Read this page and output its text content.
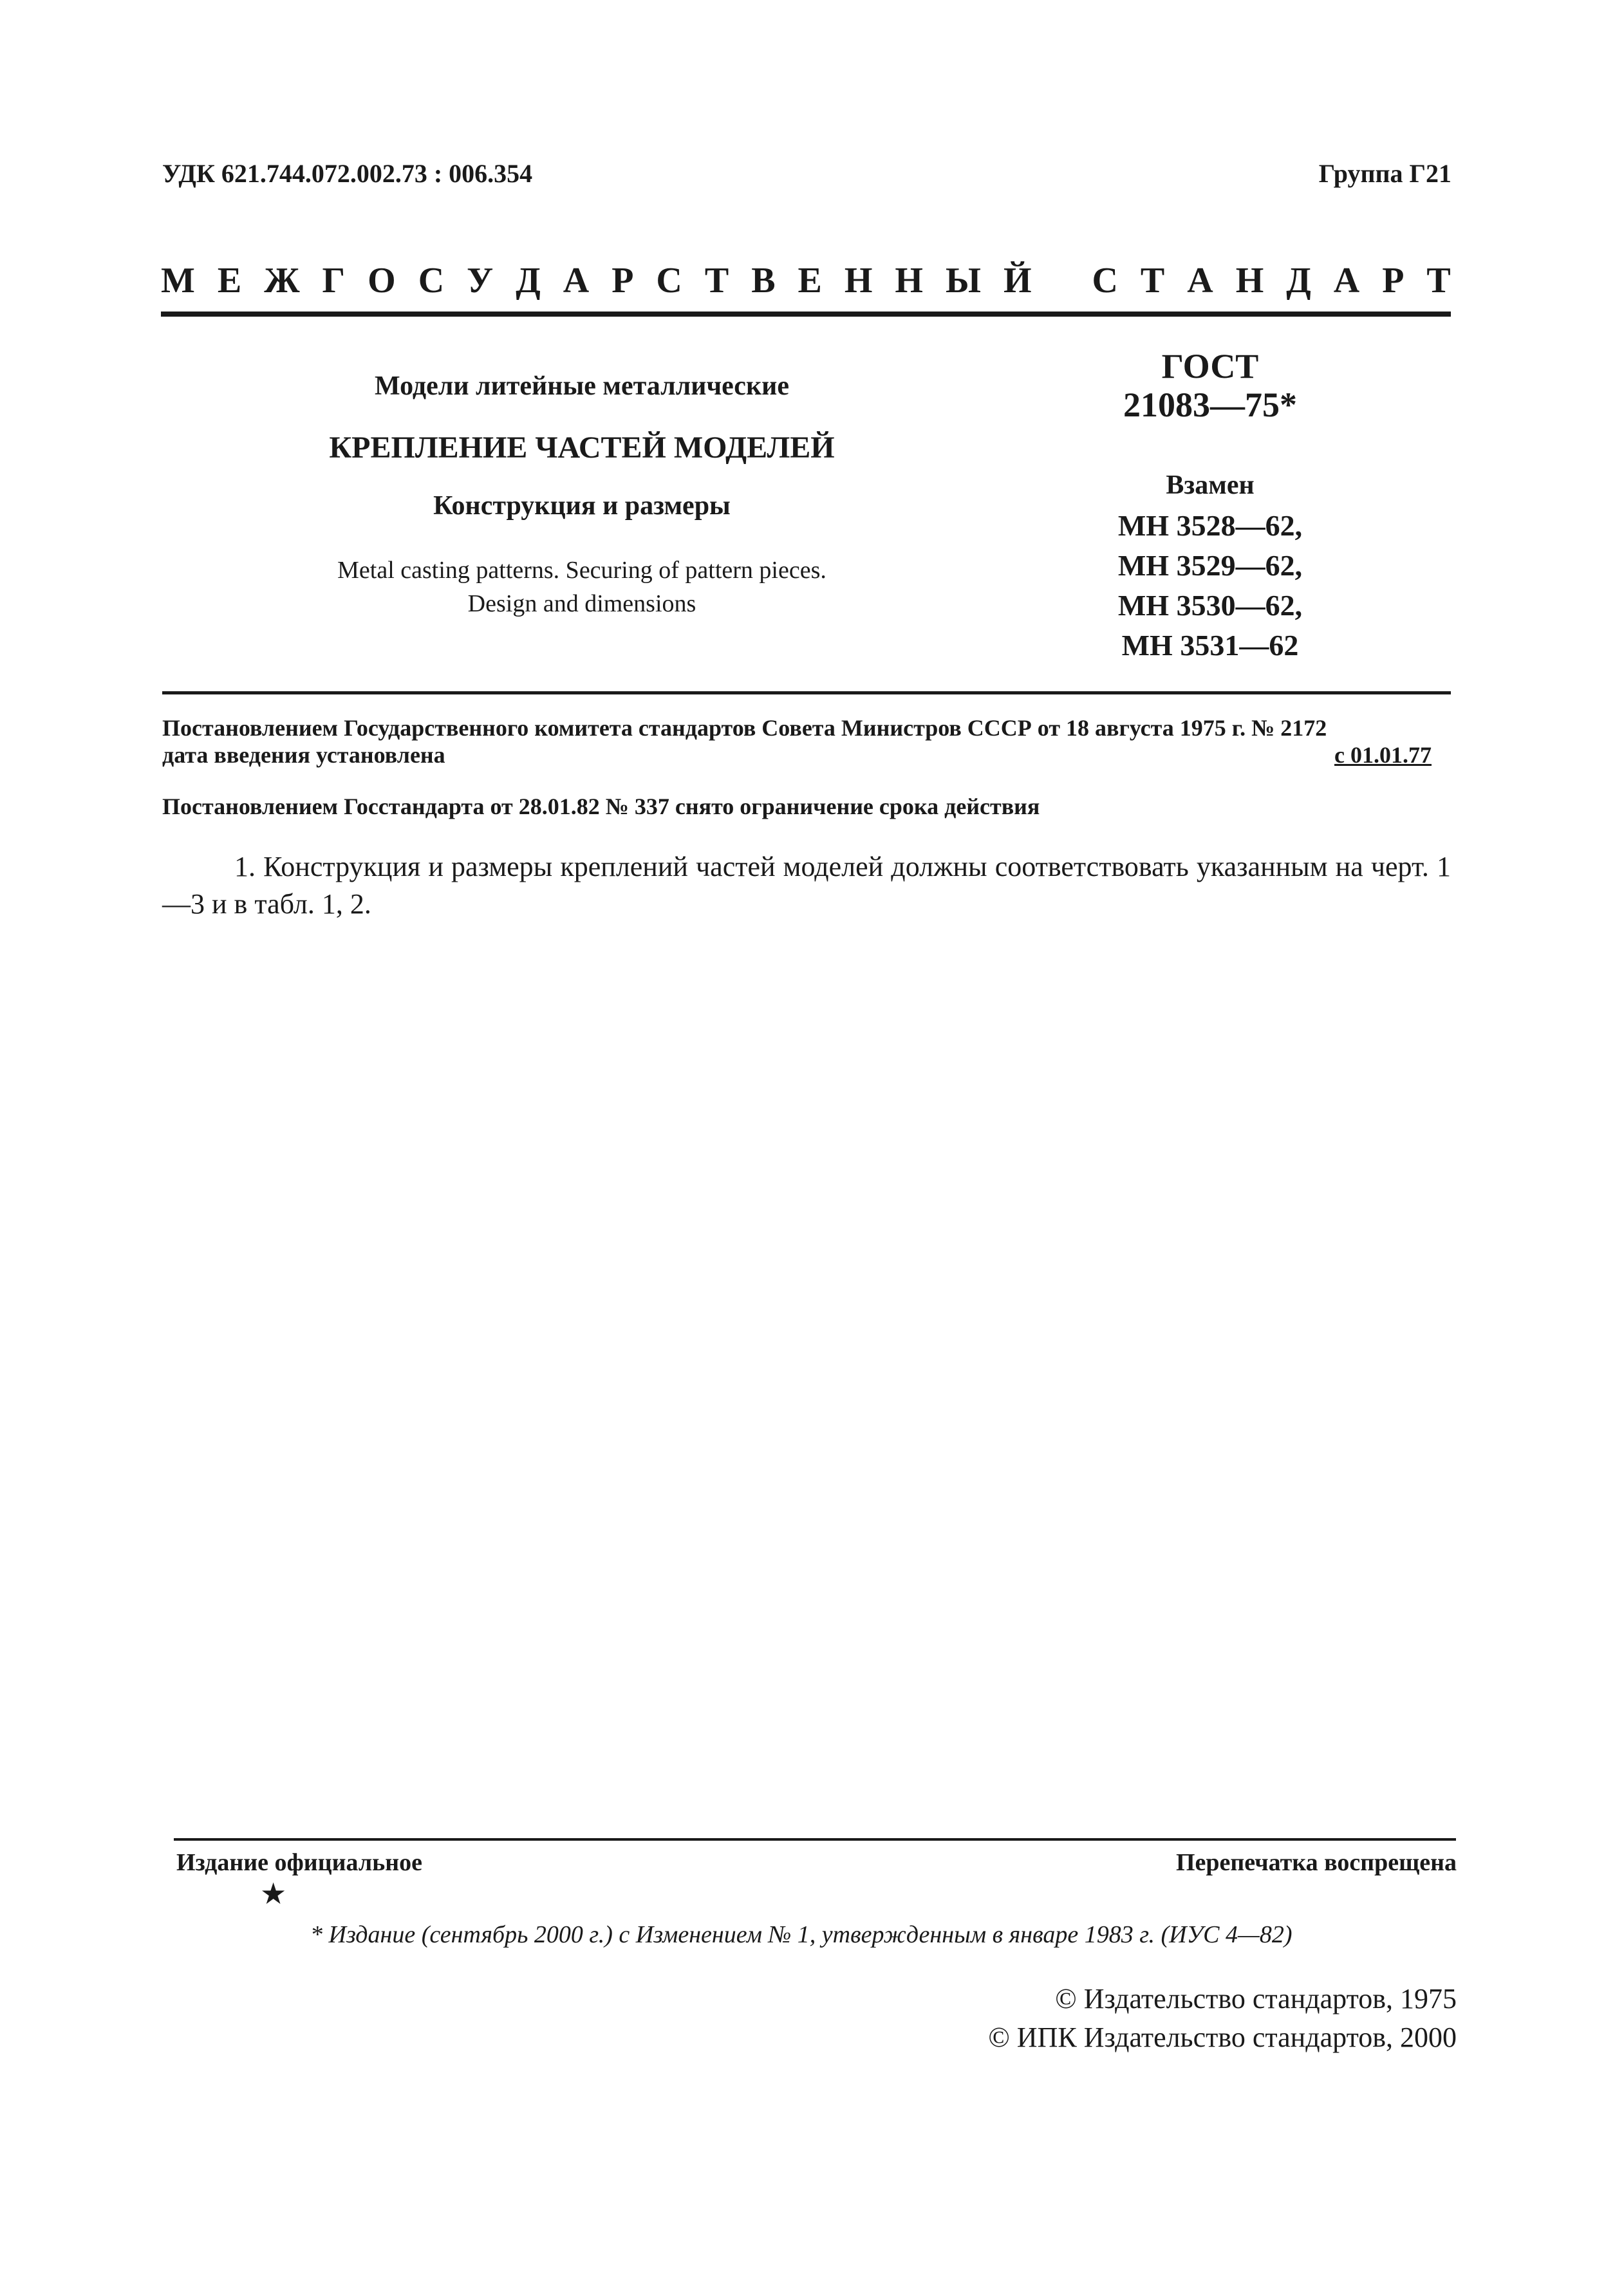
УДК 621.744.072.002.73 : 006.354	Группа Г21
М Е Ж Г О С У Д А Р С Т В Е Н Н Ы Й С Т А Н Д А Р Т
Модели литейные металлические
КРЕПЛЕНИЕ ЧАСТЕЙ МОДЕЛЕЙ
Конструкция и размеры
Metal casting patterns. Securing of pattern pieces.
Design and dimensions
ГОСТ
21083—75*
Взамен
МН 3528—62,
МН 3529—62,
МН 3530—62,
МН 3531—62
Постановлением Государственного комитета стандартов Совета Министров СССР от 18 августа 1975 г. № 2172
дата введения установлена	с 01.01.77
Постановлением Госстандарта от 28.01.82 № 337 снято ограничение срока действия
1. Конструкция и размеры креплений частей моделей должны соответствовать указанным на черт. 1—3 и в табл. 1, 2.
Издание официальное	Перепечатка воспрещена
★
* Издание (сентябрь 2000 г.) с Изменением № 1, утвержденным в январе 1983 г. (ИУС 4—82)
© Издательство стандартов, 1975
© ИПК Издательство стандартов, 2000
